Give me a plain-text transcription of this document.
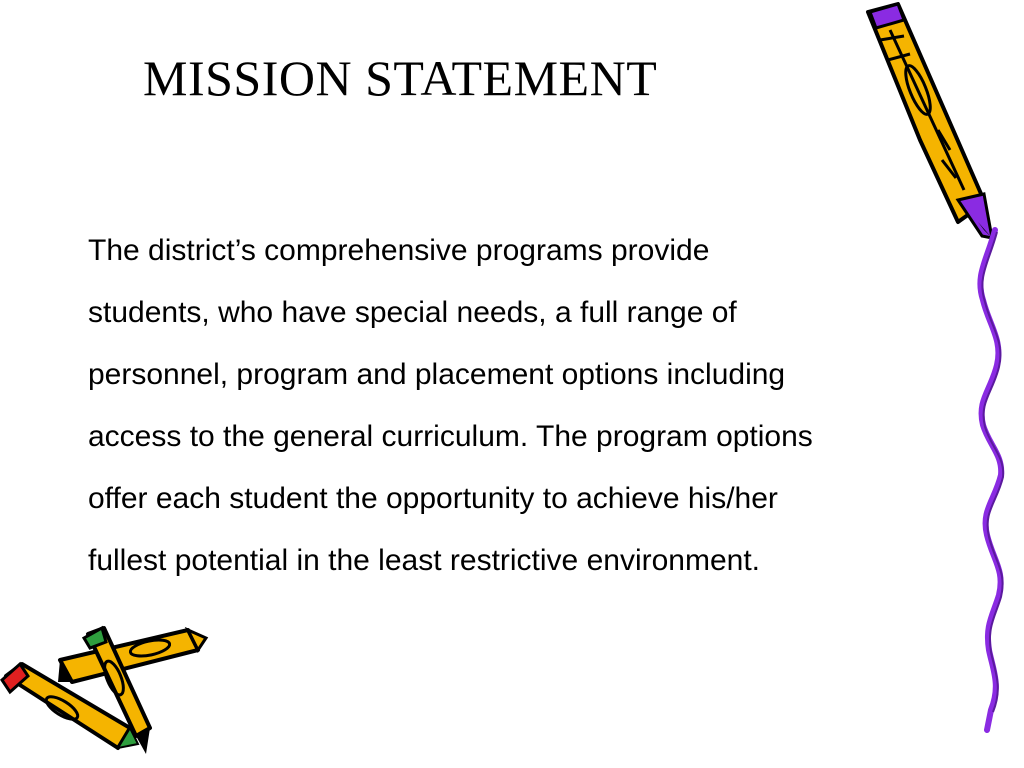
MISSION STATEMENT
The district’s comprehensive programs provide
students, who have special needs, a full range of
personnel, program and placement options including
access to the general curriculum. The program options
offer each student the opportunity to achieve his/her
fullest potential in the least restrictive environment.
